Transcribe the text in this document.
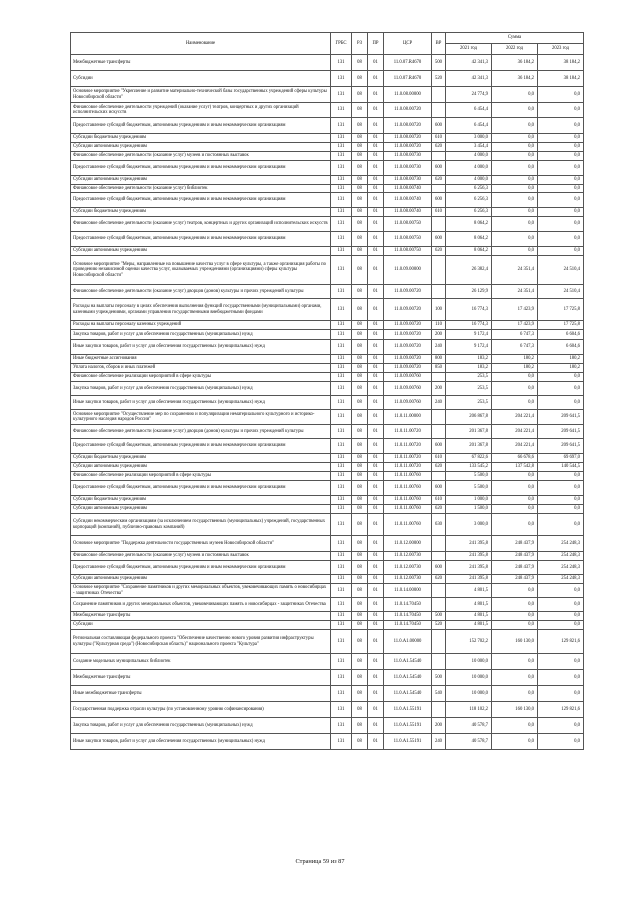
Наименование	ГРБС	РЗ	ПР	ЦСР	ВР	Сумма		
						2021 год	2022 год	2023 год
Межбюджетные трансферты	131	08	01	11.0.07.R4670	500	42 341,3	36 184,2	38 184,2
Субсидии	131	08	01	11.0.07.R4670	520	42 341,3	36 184,2	38 184,2
Основное мероприятие "Укрепление и развитие материально-технической базы государственных учреждений сферы культуры Новосибирской области"	131	08	01	11.0.08.00000		24 774,9	0,0	0,0
Финансовое обеспечение деятельности учреждений (оказание услуг) театров, концертных и других организаций исполнительских искусств	131	08	01	11.0.08.00720		6 454,4	0,0	0,0
Предоставление субсидий бюджетным, автономным учреждениям и иным некоммерческим организациям	131	08	01	11.0.08.00720	600	6 454,4	0,0	0,0
Субсидии бюджетным учреждениям	131	08	01	11.0.08.00720	610	3 000,0	0,0	0,0
Субсидии автономным учреждениям	131	08	01	11.0.08.00720	620	3 454,4	0,0	0,0
Финансовое обеспечение деятельности (оказание услуг) музеев и постоянных выставок	131	08	01	11.0.08.00730		4 000,0	0,0	0,0
Предоставление субсидий бюджетным, автономным учреждениям и иным некоммерческим организациям	131	08	01	11.0.08.00730	600	4 000,0	0,0	0,0
Субсидии автономным учреждениям	131	08	01	11.0.08.00730	620	4 000,0	0,0	0,0
Финансовое обеспечение деятельности (оказание услуг) библиотек	131	08	01	11.0.08.00740		6 256,3	0,0	0,0
Предоставление субсидий бюджетным, автономным учреждениям и иным некоммерческим организациям	131	08	01	11.0.08.00740	600	6 256,3	0,0	0,0
Субсидии бюджетным учреждениям	131	08	01	11.0.08.00740	610	6 256,3	0,0	0,0
Финансовое обеспечение деятельности (оказание услуг) театров, концертных и других организаций исполнительских искусств	131	08	01	11.0.08.00750		8 064,2	0,0	0,0
Предоставление субсидий бюджетным, автономным учреждениям и иным некоммерческим организациям	131	08	01	11.0.08.00750	600	8 064,2	0,0	0,0
Субсидии автономным учреждениям	131	08	01	11.0.08.00750	620	8 064,2	0,0	0,0
Основное мероприятие "Меры, направленные на повышение качества услуг в сфере культуры, а также организация работы по проведению независимой оценки качества услуг, оказываемых учреждениями (организациями) сферы культуры Новосибирской области"	131	08	01	11.0.09.00000		26 382,4	24 351,4	24 510,4
Финансовое обеспечение деятельности (оказание услуг) дворцов (домов) культуры и прочих учреждений культуры	131	08	01	11.0.09.00720		26 129,9	24 351,4	24 510,4
Расходы на выплаты персоналу в целях обеспечения выполнения функций государственными (муниципальными) органами, казенными учреждениями, органами управления государственными внебюджетными фондами	131	08	01	11.0.09.00720	100	16 774,3	17 423,9	17 725,8
Расходы на выплаты персоналу казенных учреждений	131	08	01	11.0.09.00720	110	16 774,3	17 423,9	17 725,8
Закупка товаров, работ и услуг для обеспечения государственных (муниципальных) нужд	131	08	01	11.0.09.00720	200	9 172,4	6 747,3	6 604,6
Иные закупки товаров, работ и услуг для обеспечения государственных (муниципальных) нужд	131	08	01	11.0.09.00720	240	9 172,4	6 747,3	6 604,6
Иные бюджетные ассигнования	131	08	01	11.0.09.00720	800	183,2	180,2	180,2
Уплата налогов, сборов и иных платежей	131	08	01	11.0.09.00720	850	183,2	180,2	180,2
Финансовое обеспечение реализации мероприятий в сфере культуры	131	08	01	11.0.09.00760		253,5	0,0	0,0
Закупка товаров, работ и услуг для обеспечения государственных (муниципальных) нужд	131	08	01	11.0.09.00760	200	253,5	0,0	0,0
Иные закупки товаров, работ и услуг для обеспечения государственных (муниципальных) нужд	131	08	01	11.0.09.00760	240	253,5	0,0	0,0
Основное мероприятие "Осуществление мер по сохранению и популяризации нематериального культурного и историко-культурного наследия народов России"	131	08	01	11.0.11.00000		206 867,8	204 221,4	209 641,5
Финансовое обеспечение деятельности (оказание услуг) дворцов (домов) культуры и прочих учреждений культуры	131	08	01	11.0.11.00720		201 367,8	204 221,4	209 641,5
Предоставление субсидий бюджетным, автономным учреждениям и иным некоммерческим организациям	131	08	01	11.0.11.00720	600	201 367,8	204 221,4	209 641,5
Субсидии бюджетным учреждениям	131	08	01	11.0.11.00720	610	67 822,6	66 678,6	69 697,0
Субсидии автономным учреждениям	131	08	01	11.0.11.00720	620	133 545,2	137 542,8	140 544,5
Финансовое обеспечение реализации мероприятий в сфере культуры	131	08	01	11.0.11.00760		5 500,0	0,0	0,0
Предоставление субсидий бюджетным, автономным учреждениям и иным некоммерческим организациям	131	08	01	11.0.11.00760	600	5 500,0	0,0	0,0
Субсидии бюджетным учреждениям	131	08	01	11.0.11.00760	610	1 000,0	0,0	0,0
Субсидии автономным учреждениям	131	08	01	11.0.11.00760	620	1 500,0	0,0	0,0
Субсидии некоммерческим организациям (за исключением государственных (муниципальных) учреждений, государственных корпораций (компаний), публично-правовых компаний)	131	08	01	11.0.11.00760	630	3 000,0	0,0	0,0
Основное мероприятие "Поддержка деятельности государственных музеев Новосибирской области"	131	08	01	11.0.12.00000		241 395,8	248 437,9	254 248,3
Финансовое обеспечение деятельности (оказание услуг) музеев и постоянных выставок	131	08	01	11.0.12.00730		241 395,8	248 437,9	254 248,3
Предоставление субсидий бюджетным, автономным учреждениям и иным некоммерческим организациям	131	08	01	11.0.12.00730	600	241 395,8	248 437,9	254 248,3
Субсидии автономным учреждениям	131	08	01	11.0.12.00730	620	241 395,8	248 437,9	254 248,3
Основное мероприятие "Сохранение памятников и других мемориальных объектов, увековечивающих память о новосибирцах - защитниках Отечества"	131	08	01	11.0.14.00000		4 801,5	0,0	0,0
Сохранение памятников и других мемориальных объектов, увековечивающих память о новосибирцах - защитниках Отечества	131	08	01	11.0.14.70450		4 801,5	0,0	0,0
Межбюджетные трансферты	131	08	01	11.0.14.70450	500	4 801,5	0,0	0,0
Субсидии	131	08	01	11.0.14.70450	520	4 801,5	0,0	0,0
Региональная составляющая федерального проекта "Обеспечение качественно нового уровня развития инфраструктуры культуры ("Культурная среда") (Новосибирская область)" национального проекта "Культура"	131	08	01	11.0.A1.00000		152 702,2	160 130,0	129 821,6
Создание модельных муниципальных библиотек	131	08	01	11.0.A1.54540		10 000,0	0,0	0,0
Межбюджетные трансферты	131	08	01	11.0.A1.54540	500	10 000,0	0,0	0,0
Иные межбюджетные трансферты	131	08	01	11.0.A1.54540	540	10 000,0	0,0	0,0
Государственная поддержка отрасли культуры (по установленному уровню софинансирования)	131	08	01	11.0.A1.55191		118 102,2	160 130,0	129 821,6
Закупка товаров, работ и услуг для обеспечения государственных (муниципальных) нужд	131	08	01	11.0.A1.55191	200	40 578,7	0,0	0,0
Иные закупки товаров, работ и услуг для обеспечения государственных (муниципальных) нужд	131	08	01	11.0.A1.55191	240	40 578,7	0,0	0,0
Страница 59 из 87
